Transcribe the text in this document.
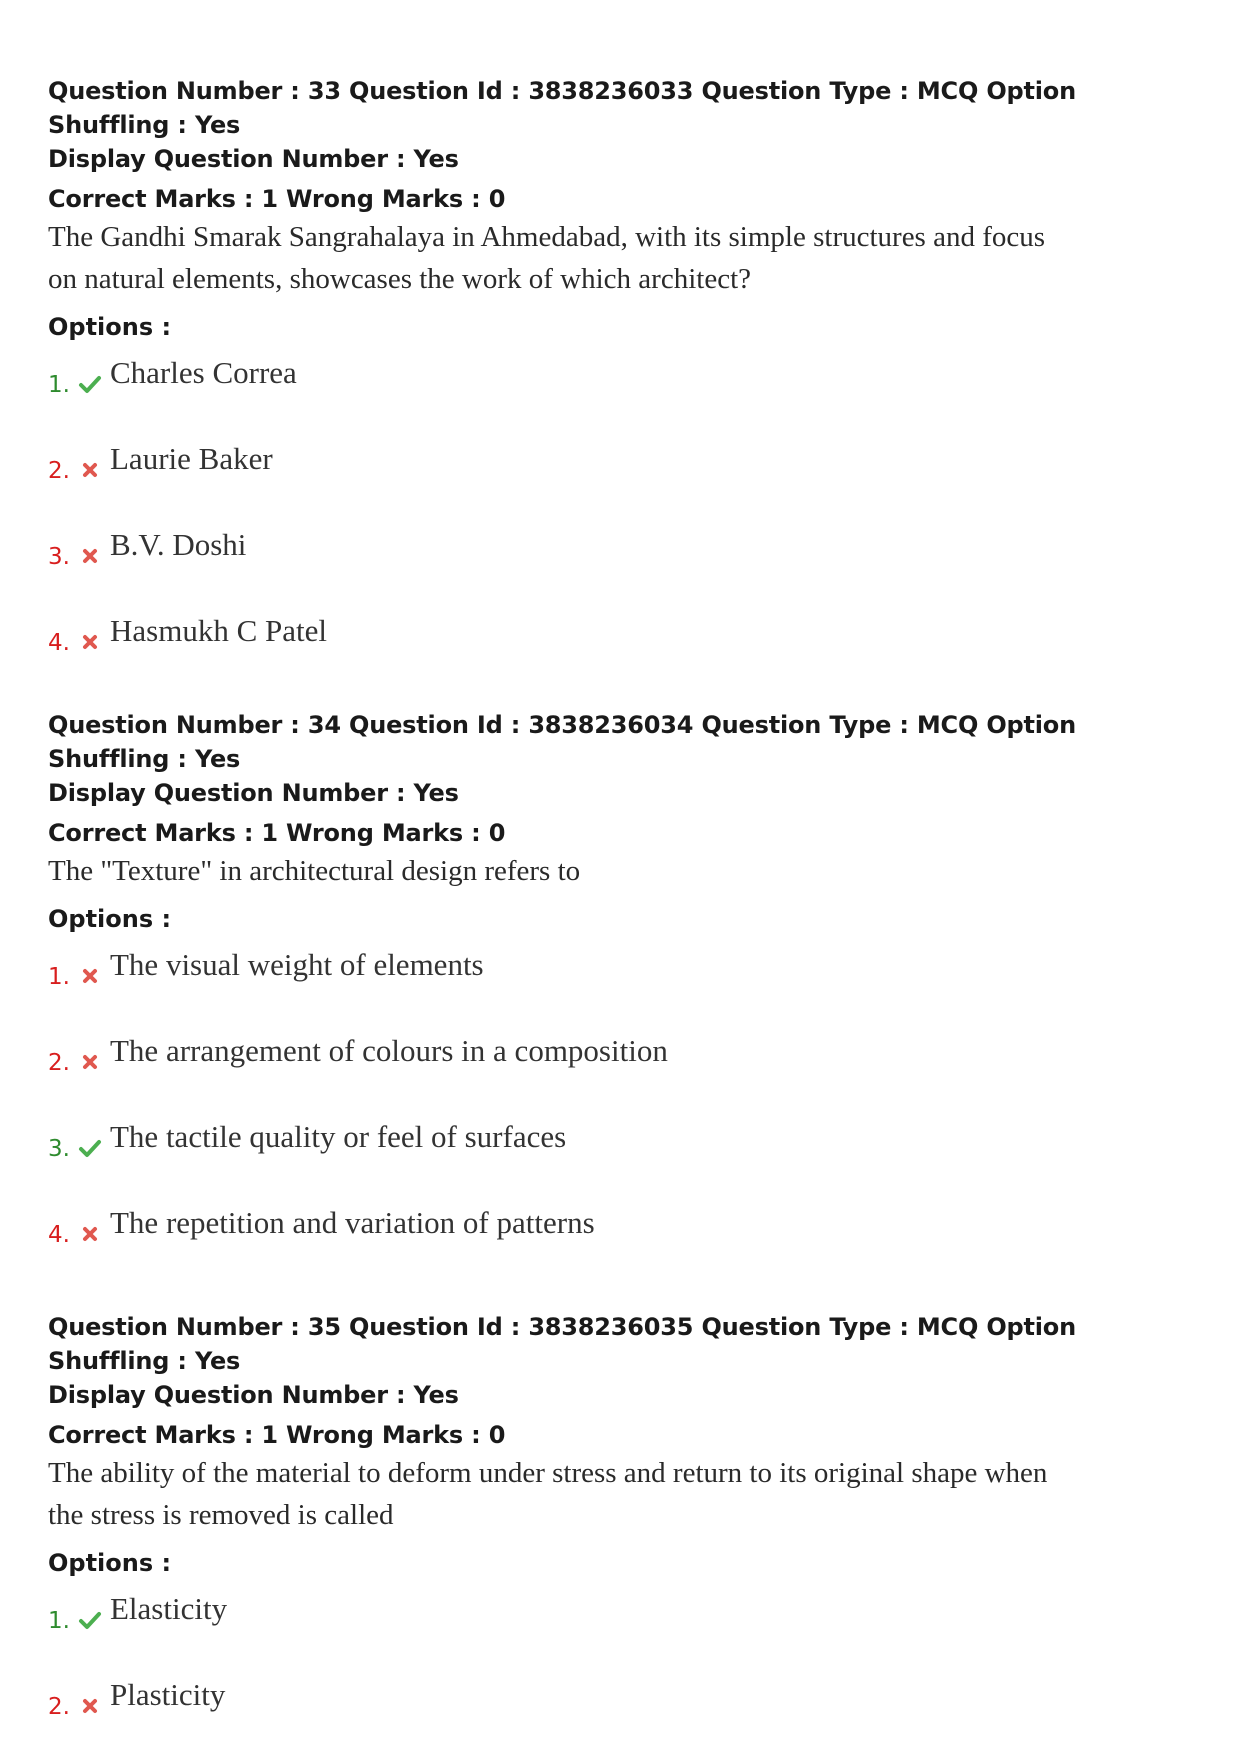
Question Number : 33 Question Id : 3838236033 Question Type : MCQ Option Shuffling : Yes
Display Question Number : Yes
Correct Marks : 1 Wrong Marks : 0
The Gandhi Smarak Sangrahalaya in Ahmedabad, with its simple structures and focus
on natural elements, showcases the work of which architect?
Options :
1. Charles Correa
2. Laurie Baker
3. B.V. Doshi
4. Hasmukh C Patel
Question Number : 34 Question Id : 3838236034 Question Type : MCQ Option Shuffling : Yes
Display Question Number : Yes
Correct Marks : 1 Wrong Marks : 0
The "Texture" in architectural design refers to
Options :
1. The visual weight of elements
2. The arrangement of colours in a composition
3. The tactile quality or feel of surfaces
4. The repetition and variation of patterns
Question Number : 35 Question Id : 3838236035 Question Type : MCQ Option Shuffling : Yes
Display Question Number : Yes
Correct Marks : 1 Wrong Marks : 0
The ability of the material to deform under stress and return to its original shape when
the stress is removed is called
Options :
1. Elasticity
2. Plasticity
